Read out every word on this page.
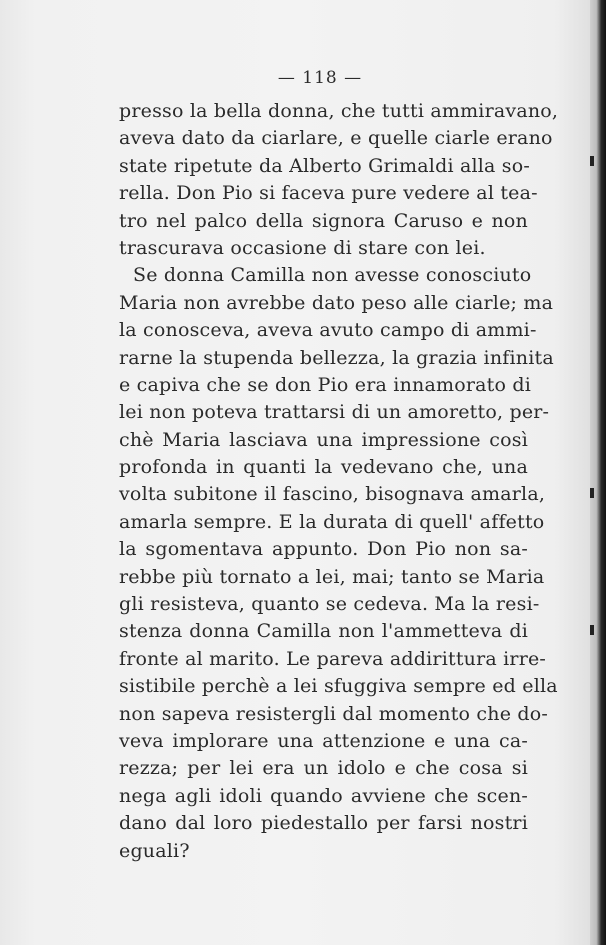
— 118 —
presso la bella donna, che tutti ammiravano,
aveva dato da ciarlare, e quelle ciarle erano
state ripetute da Alberto Grimaldi alla so-
rella. Don Pio si faceva pure vedere al tea-
tro nel palco della signora Caruso e non
trascurava occasione di stare con lei.
Se donna Camilla non avesse conosciuto
Maria non avrebbe dato peso alle ciarle; ma
la conosceva, aveva avuto campo di ammi-
rarne la stupenda bellezza, la grazia infinita
e capiva che se don Pio era innamorato di
lei non poteva trattarsi di un amoretto, per-
chè Maria lasciava una impressione così
profonda in quanti la vedevano che, una
volta subitone il fascino, bisognava amarla,
amarla sempre. E la durata di quell' affetto
la sgomentava appunto. Don Pio non sa-
rebbe più tornato a lei, mai; tanto se Maria
gli resisteva, quanto se cedeva. Ma la resi-
stenza donna Camilla non l'ammetteva di
fronte al marito. Le pareva addirittura irre-
sistibile perchè a lei sfuggiva sempre ed ella
non sapeva resistergli dal momento che do-
veva implorare una attenzione e una ca-
rezza; per lei era un idolo e che cosa si
nega agli idoli quando avviene che scen-
dano dal loro piedestallo per farsi nostri
eguali?
